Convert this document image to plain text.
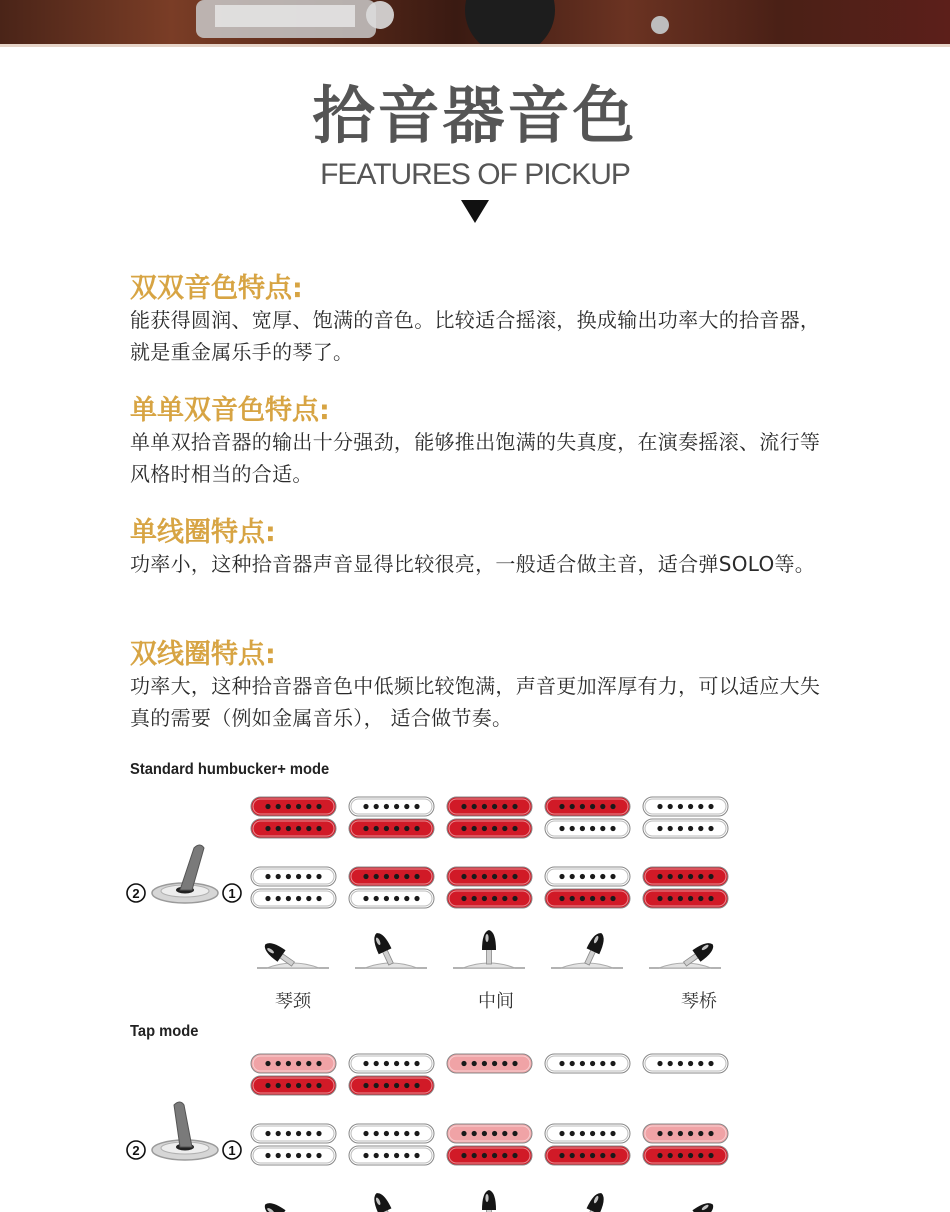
拾音器音色
FEATURES OF PICKUP

双双音色特点:

能获得圆润、宽厚、饱满的音色。比较适合摇滚，换成输出功率大的拾音器，就是重金属乐手的琴了。

单单双音色特点:

单单双拾音器的输出十分强劲，能够推出饱满的失真度，在演奏摇滚、流行等风格时相当的合适。

单线圈特点:

功率小，这种拾音器声音显得比较很亮，一般适合做主音，适合弹SOLO等。

双线圈特点:

功率大，这种拾音器音色中低频比较饱满，声音更加浑厚有力，可以适应大失真的需要（例如金属音乐）， 适合做节奏。

Standard humbucker+ mode
Tap mode
琴颈	中间	琴桥
2	1
2	1
